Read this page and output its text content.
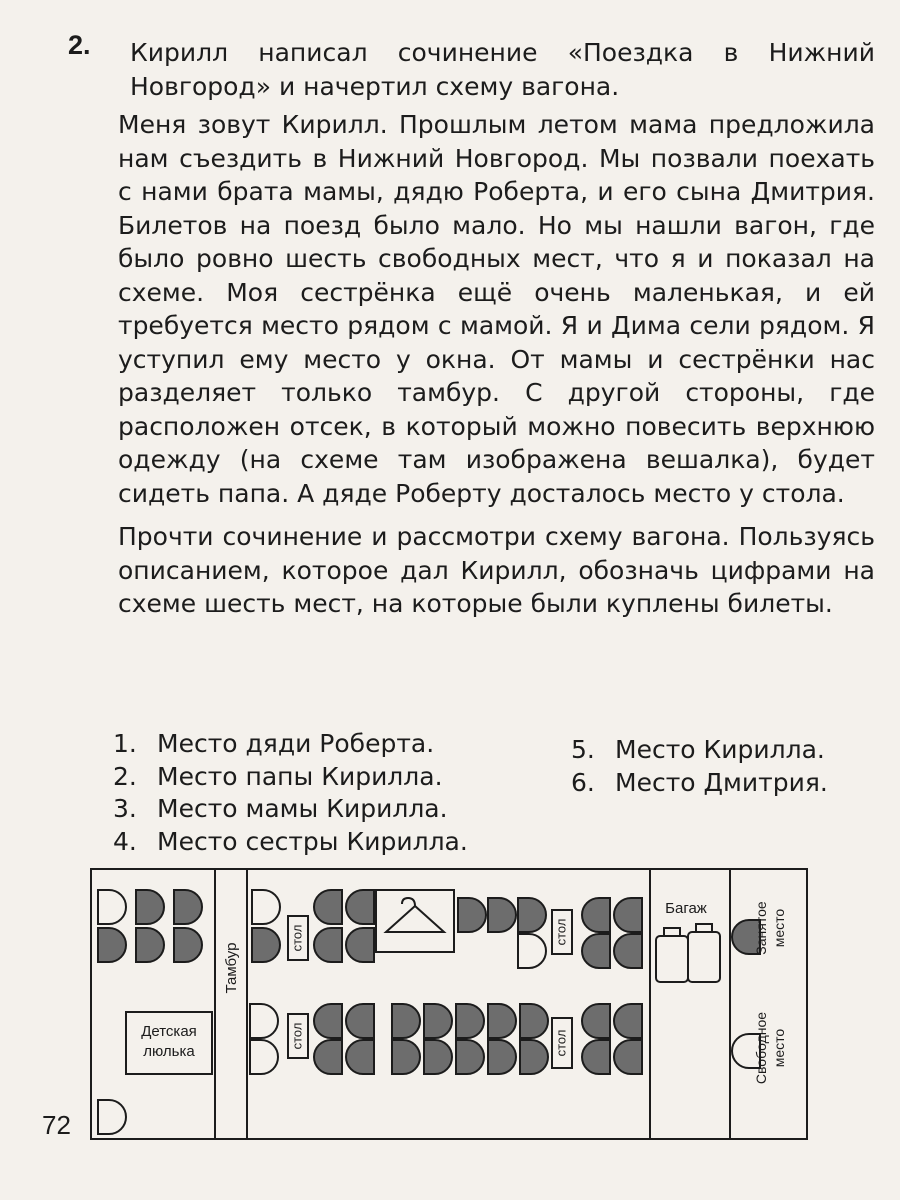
2. Кирилл написал сочинение «Поездка в Нижний Новгород» и начертил схему вагона.

Меня зовут Кирилл. Прошлым летом мама предложила нам съездить в Нижний Новгород. Мы позвали поехать с нами брата мамы, дядю Роберта, и его сына Дмитрия. Билетов на поезд было мало. Но мы нашли вагон, где было ровно шесть свободных мест, что я и показал на схеме. Моя сестрёнка ещё очень маленькая, и ей требуется место рядом с мамой. Я и Дима сели рядом. Я уступил ему место у окна. От мамы и сестрёнки нас разделяет только тамбур. С другой стороны, где расположен отсек, в который можно повесить верхнюю одежду (на схеме там изображена вешалка), будет сидеть папа. А дяде Роберту досталось место у стола.

Прочти сочинение и рассмотри схему вагона. Пользуясь описанием, которое дал Кирилл, обозначь цифрами на схеме шесть мест, на которые были куплены билеты.

1. Место дяди Роберта.
2. Место папы Кирилла.
3. Место мамы Кирилла.
4. Место сестры Кирилла.
5. Место Кирилла.
6. Место Дмитрия.
Детская
люлька
Тамбур
стол	стол
стол	стол
Багаж	Занятое место
Свободное место
72
